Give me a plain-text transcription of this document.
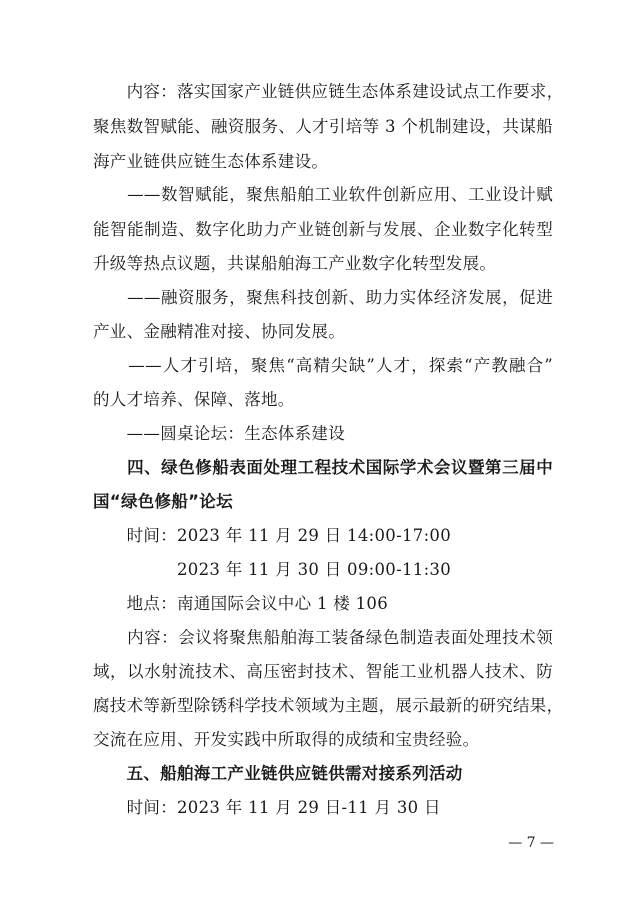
　　内容：落实国家产业链供应链生态体系建设试点工作要求，
聚焦数智赋能、融资服务、人才引培等 3 个机制建设，共谋船
海产业链供应链生态体系建设。
　　——数智赋能，聚焦船舶工业软件创新应用、工业设计赋
能智能制造、数字化助力产业链创新与发展、企业数字化转型
升级等热点议题，共谋船舶海工产业数字化转型发展。
　　——融资服务，聚焦科技创新、助力实体经济发展，促进
产业、金融精准对接、协同发展。
　　——人才引培，聚焦“高精尖缺”人才，探索“产教融合”
的人才培养、保障、落地。
　　——圆桌论坛：生态体系建设
　　四、绿色修船表面处理工程技术国际学术会议暨第三届中
国“绿色修船”论坛
　　时间：2023 年 11 月 29 日 14:00-17:00
　　　　　2023 年 11 月 30 日 09:00-11:30
　　地点：南通国际会议中心 1 楼 106
　　内容：会议将聚焦船舶海工装备绿色制造表面处理技术领
域，以水射流技术、高压密封技术、智能工业机器人技术、防
腐技术等新型除锈科学技术领域为主题，展示最新的研究结果，
交流在应用、开发实践中所取得的成绩和宝贵经验。
　　五、船舶海工产业链供应链供需对接系列活动
　　时间：2023 年 11 月 29 日-11 月 30 日
— 7 —
